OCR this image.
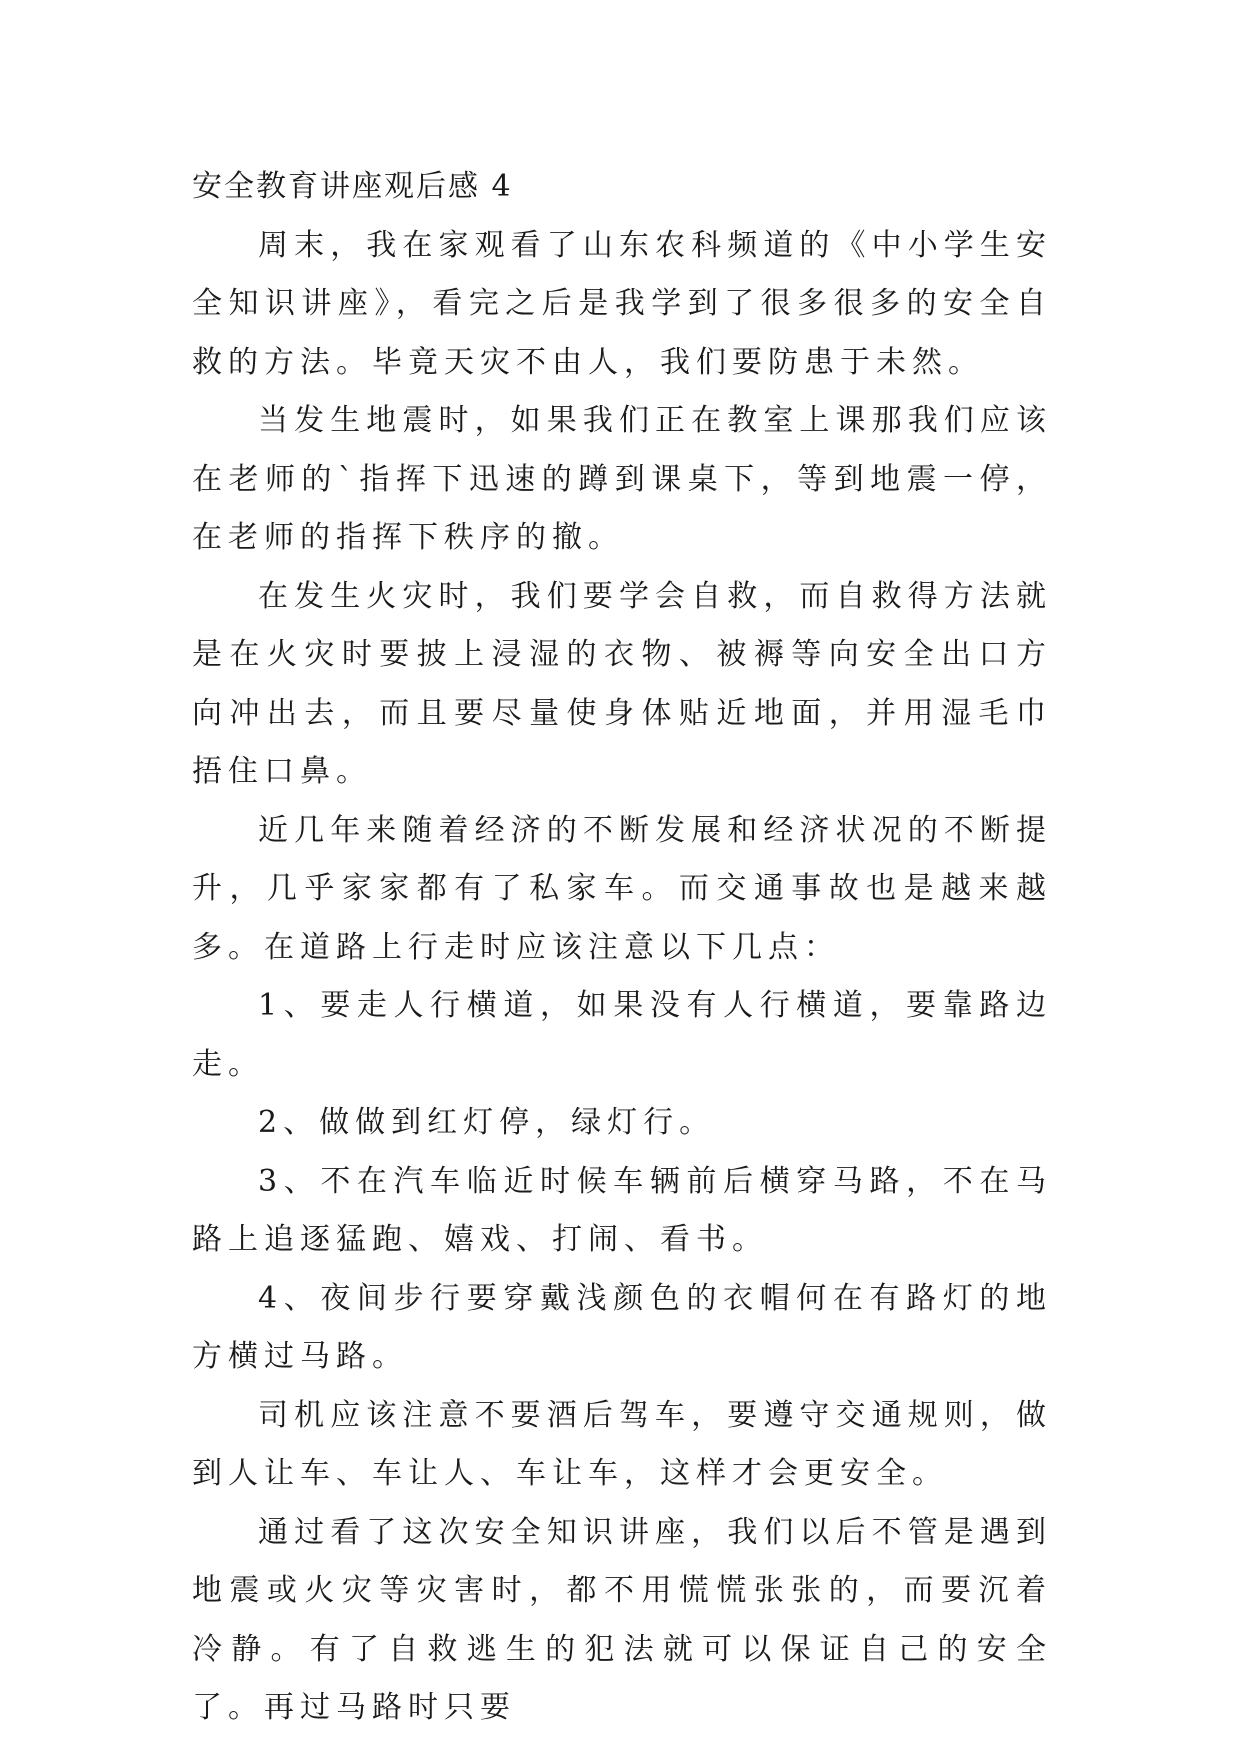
安全教育讲座观后感 4

周末，我在家观看了山东农科频道的《中小学生安全知识讲座》，看完之后是我学到了很多很多的安全自救的方法。毕竟天灾不由人，我们要防患于未然。

当发生地震时，如果我们正在教室上课那我们应该在老师的`指挥下迅速的蹲到课桌下，等到地震一停，在老师的指挥下秩序的撤。

在发生火灾时，我们要学会自救，而自救得方法就是在火灾时要披上浸湿的衣物、被褥等向安全出口方向冲出去，而且要尽量使身体贴近地面，并用湿毛巾捂住口鼻。

近几年来随着经济的不断发展和经济状况的不断提升，几乎家家都有了私家车。而交通事故也是越来越多。在道路上行走时应该注意以下几点：

1、要走人行横道，如果没有人行横道，要靠路边走。

2、做做到红灯停，绿灯行。

3、不在汽车临近时候车辆前后横穿马路，不在马路上追逐猛跑、嬉戏、打闹、看书。

4、夜间步行要穿戴浅颜色的衣帽何在有路灯的地方横过马路。

司机应该注意不要酒后驾车，要遵守交通规则，做到人让车、车让人、车让车，这样才会更安全。

通过看了这次安全知识讲座，我们以后不管是遇到地震或火灾等灾害时，都不用慌慌张张的，而要沉着冷静。有了自救逃生的犯法就可以保证自己的安全了。再过马路时只要
